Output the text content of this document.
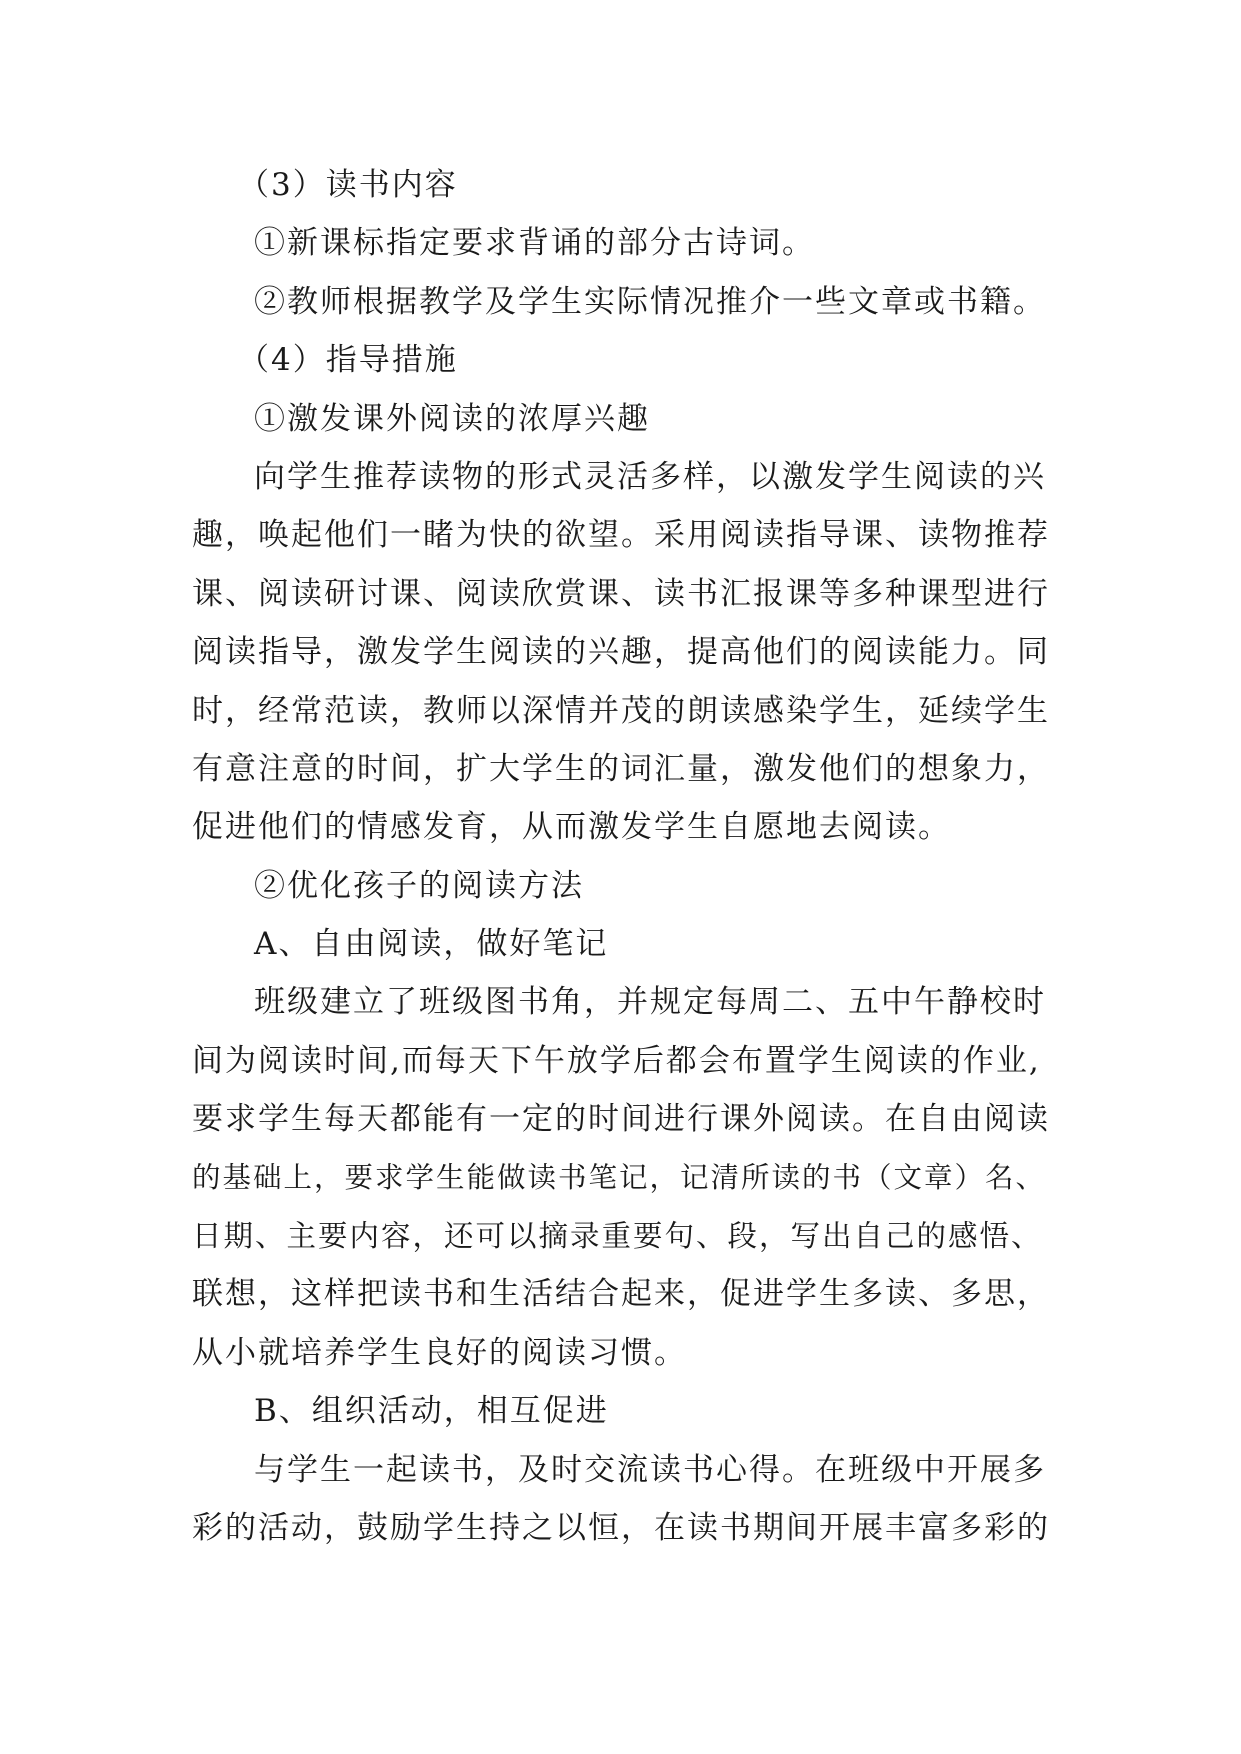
（3）读书内容
①新课标指定要求背诵的部分古诗词。
②教师根据教学及学生实际情况推介一些文章或书籍。
（4）指导措施
①激发课外阅读的浓厚兴趣
向学生推荐读物的形式灵活多样，以激发学生阅读的兴
趣，唤起他们一睹为快的欲望。采用阅读指导课、读物推荐
课、阅读研讨课、阅读欣赏课、读书汇报课等多种课型进行
阅读指导，激发学生阅读的兴趣，提高他们的阅读能力。同
时，经常范读，教师以深情并茂的朗读感染学生，延续学生
有意注意的时间，扩大学生的词汇量，激发他们的想象力，
促进他们的情感发育，从而激发学生自愿地去阅读。
②优化孩子的阅读方法
A、自由阅读，做好笔记
班级建立了班级图书角，并规定每周二、五中午静校时
间为阅读时间,而每天下午放学后都会布置学生阅读的作业,
要求学生每天都能有一定的时间进行课外阅读。在自由阅读
的基础上，要求学生能做读书笔记，记清所读的书（文章）名、
日期、主要内容，还可以摘录重要句、段，写出自己的感悟、
联想，这样把读书和生活结合起来，促进学生多读、多思，
从小就培养学生良好的阅读习惯。
B、组织活动，相互促进
与学生一起读书，及时交流读书心得。在班级中开展多
彩的活动，鼓励学生持之以恒，在读书期间开展丰富多彩的
